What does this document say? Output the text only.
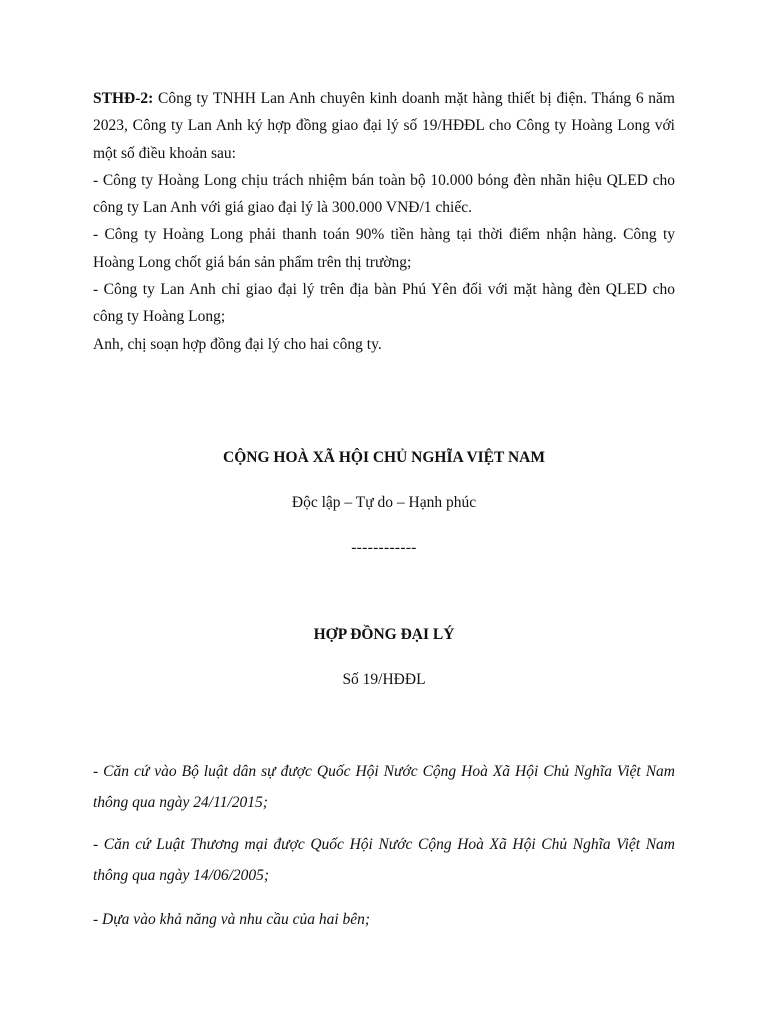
STHĐ-2: Công ty TNHH Lan Anh chuyên kinh doanh mặt hàng thiết bị điện. Tháng 6 năm 2023, Công ty Lan Anh ký hợp đồng giao đại lý số 19/HĐĐL cho Công ty Hoàng Long với một số điều khoản sau:

- Công ty Hoàng Long chịu trách nhiệm bán toàn bộ 10.000 bóng đèn nhãn hiệu QLED cho công ty Lan Anh với giá giao đại lý là 300.000 VNĐ/1 chiếc.

- Công ty Hoàng Long phải thanh toán 90% tiền hàng tại thời điểm nhận hàng. Công ty Hoàng Long chốt giá bán sản phẩm trên thị trường;

- Công ty Lan Anh chỉ giao đại lý trên địa bàn Phú Yên đối với mặt hàng đèn QLED cho công ty Hoàng Long;

Anh, chị soạn hợp đồng đại lý cho hai công ty.

CỘNG HOÀ XÃ HỘI CHỦ NGHĨA VIỆT NAM

Độc lập – Tự do – Hạnh phúc

------------

HỢP ĐỒNG ĐẠI LÝ

Số 19/HĐĐL

- Căn cứ vào Bộ luật dân sự được Quốc Hội Nước Cộng Hoà Xã Hội Chủ Nghĩa Việt Nam thông qua ngày 24/11/2015;

- Căn cứ Luật Thương mại được Quốc Hội Nước Cộng Hoà Xã Hội Chủ Nghĩa Việt Nam thông qua ngày 14/06/2005;

- Dựa vào khả năng và nhu cầu của hai bên;
